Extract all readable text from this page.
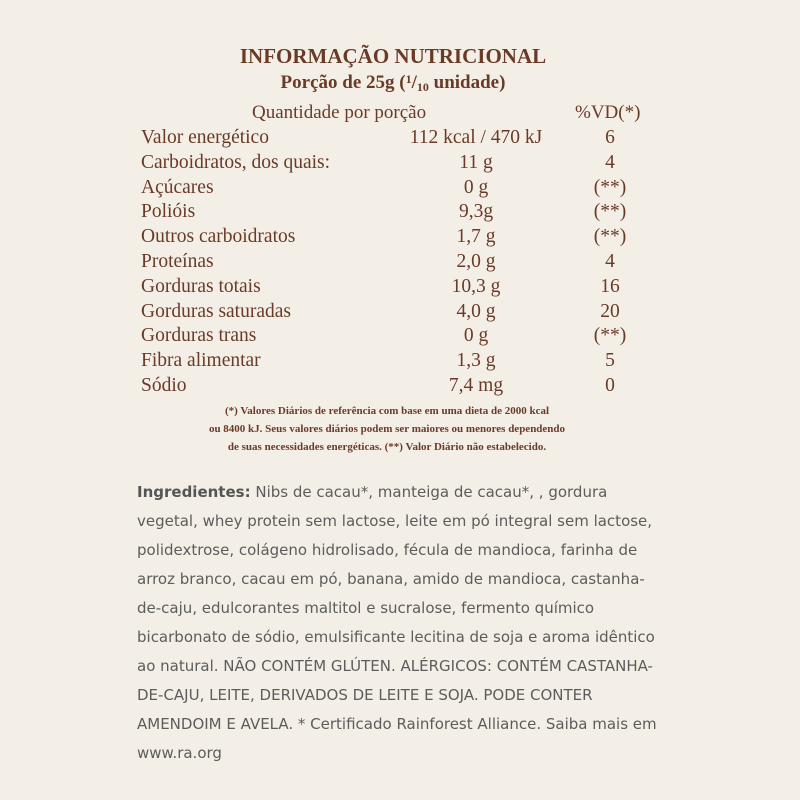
INFORMAÇÃO NUTRICIONAL
Porção de 25g ($^1/_{10}$ unidade)
Quantidade por porção	%VD(*)
Valor energético	112 kcal / 470 kJ	6
Carboidratos, dos quais:	11 g	4
Açúcares	0 g	(**)
Polióis	9,3g	(**)
Outros carboidratos	1,7 g	(**)
Proteínas	2,0 g	4
Gorduras totais	10,3 g	16
Gorduras saturadas	4,0 g	20
Gorduras trans	0 g	(**)
Fibra alimentar	1,3 g	5
Sódio	7,4 mg	0
(*) Valores Diários de referência com base em uma dieta de 2000 kcal
ou 8400 kJ. Seus valores diários podem ser maiores ou menores dependendo
de suas necessidades energéticas. (**) Valor Diário não estabelecido.
Ingredientes: Nibs de cacau*, manteiga de cacau*, , gordura vegetal, whey protein sem lactose, leite em pó integral sem lactose, polidextrose, colágeno hidrolisado, fécula de mandioca, farinha de arroz branco, cacau em pó, banana, amido de mandioca, castanha-de-caju, edulcorantes maltitol e sucralose, fermento químico bicarbonato de sódio, emulsificante lecitina de soja e aroma idêntico ao natural. NÃO CONTÉM GLÚTEN. ALÉRGICOS: CONTÉM CASTANHA-DE-CAJU, LEITE, DERIVADOS DE LEITE E SOJA. PODE CONTER AMENDOIM E AVELA. * Certificado Rainforest Alliance. Saiba mais em www.ra.org
